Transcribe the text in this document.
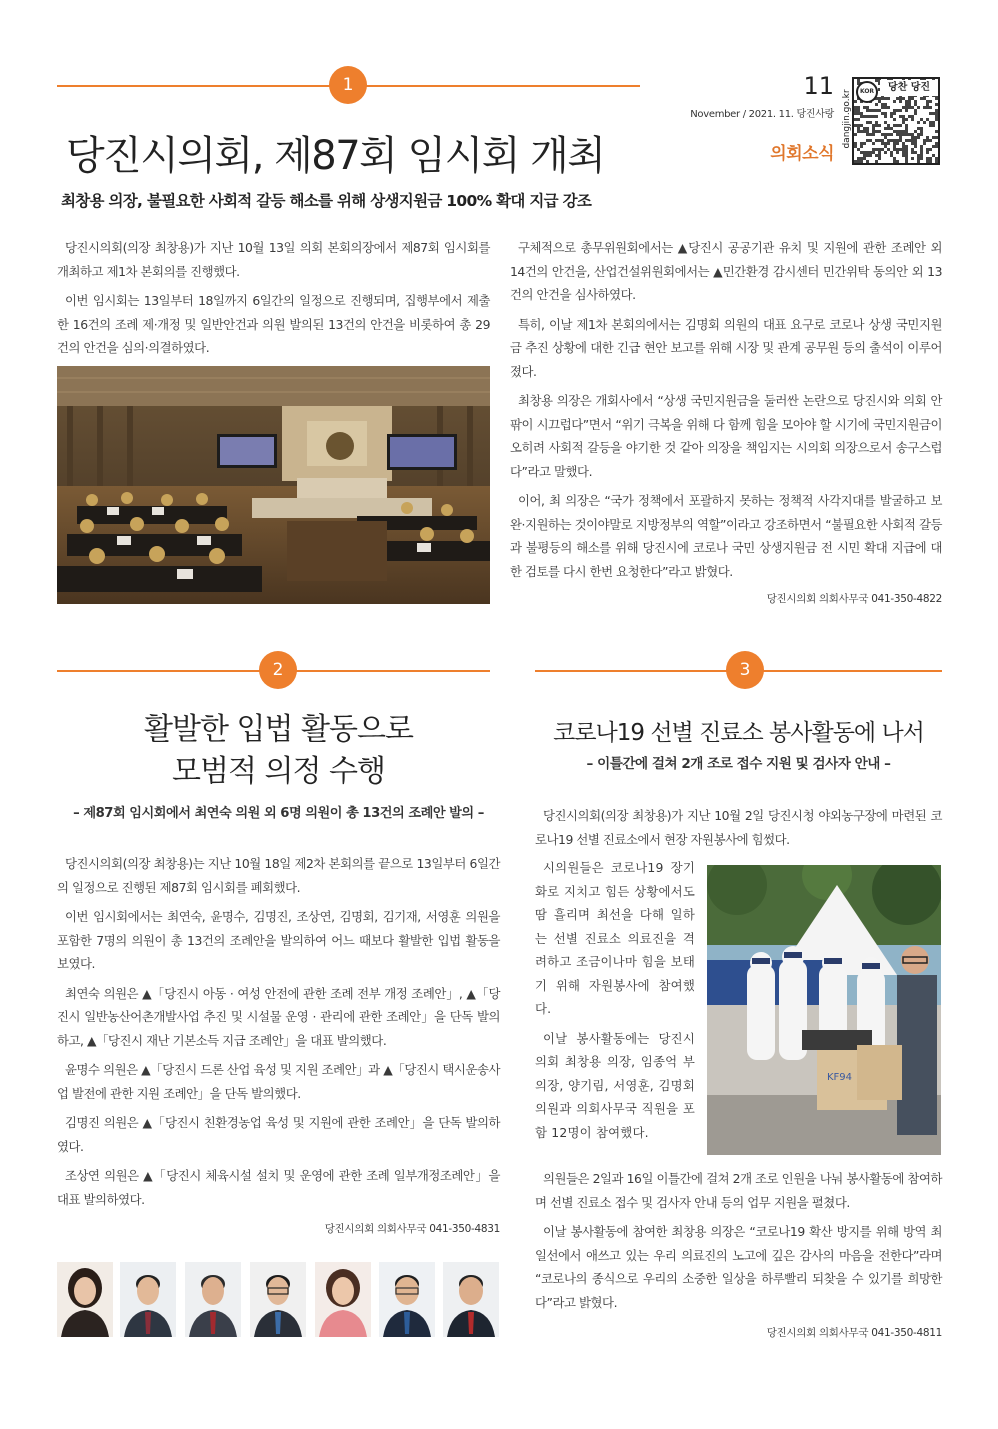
1	11
November / 2021. 11. 당진사랑
의회소식
KOR	당찬 당진
dangjin.go.kr
당진시의회, 제87회 임시회 개최
최창용 의장, 불필요한 사회적 갈등 해소를 위해 상생지원금 100% 확대 지급 강조

당진시의회(의장 최창용)가 지난 10월 13일 의회 본회의장에서 제87회 임시회를 개최하고 제1차 본회의를 진행했다.

이번 임시회는 13일부터 18일까지 6일간의 일정으로 진행되며, 집행부에서 제출한 16건의 조례 제·개정 및 일반안건과 의원 발의된 13건의 안건을 비롯하여 총 29건의 안건을 심의·의결하였다.

구체적으로 총무위원회에서는 ▲당진시 공공기관 유치 및 지원에 관한 조례안 외 14건의 안건을, 산업건설위원회에서는 ▲민간환경 감시센터 민간위탁 동의안 외 13건의 안건을 심사하였다.

특히, 이날 제1차 본회의에서는 김명회 의원의 대표 요구로 코로나 상생 국민지원금 추진 상황에 대한 긴급 현안 보고를 위해 시장 및 관계 공무원 등의 출석이 이루어졌다.

최창용 의장은 개회사에서 “상생 국민지원금을 둘러싼 논란으로 당진시와 의회 안팎이 시끄럽다”면서 “위기 극복을 위해 다 함께 힘을 모아야 할 시기에 국민지원금이 오히려 사회적 갈등을 야기한 것 같아 의장을 책임지는 시의회 의장으로서 송구스럽다”라고 말했다.

이어, 최 의장은 “국가 정책에서 포괄하지 못하는 정책적 사각지대를 발굴하고 보완·지원하는 것이야말로 지방정부의 역할”이라고 강조하면서 “불필요한 사회적 갈등과 불평등의 해소를 위해 당진시에 코로나 국민 상생지원금 전 시민 확대 지급에 대한 검토를 다시 한번 요청한다”라고 밝혔다.

당진시의회 의회사무국 041-350-4822
2
활발한 입법 활동으로
모범적 의정 수행
– 제87회 임시회에서 최연숙 의원 외 6명 의원이 총 13건의 조례안 발의 –

당진시의회(의장 최창용)는 지난 10월 18일 제2차 본회의를 끝으로 13일부터 6일간의 일정으로 진행된 제87회 임시회를 폐회했다.

이번 임시회에서는 최연숙, 윤명수, 김명진, 조상연, 김명회, 김기재, 서영훈 의원을 포함한 7명의 의원이 총 13건의 조례안을 발의하여 어느 때보다 활발한 입법 활동을 보였다.

최연숙 의원은 ▲「당진시 아동 · 여성 안전에 관한 조례 전부 개정 조례안」, ▲「당진시 일반농산어촌개발사업 추진 및 시설물 운영 · 관리에 관한 조례안」을 단독 발의하고, ▲「당진시 재난 기본소득 지급 조례안」을 대표 발의했다.

윤명수 의원은 ▲「당진시 드론 산업 육성 및 지원 조례안」과 ▲「당진시 택시운송사업 발전에 관한 지원 조례안」을 단독 발의했다.

김명진 의원은 ▲「당진시 친환경농업 육성 및 지원에 관한 조례안」을 단독 발의하였다.

조상연 의원은 ▲「당진시 체육시설 설치 및 운영에 관한 조례 일부개정조례안」을 대표 발의하였다.

당진시의회 의회사무국 041-350-4831
3
코로나19 선별 진료소 봉사활동에 나서
– 이틀간에 걸쳐 2개 조로 접수 지원 및 검사자 안내 –

당진시의회(의장 최창용)가 지난 10월 2일 당진시청 야외농구장에 마련된 코로나19 선별 진료소에서 현장 자원봉사에 힘썼다.

시의원들은 코로나19 장기화로 지치고 힘든 상황에서도 땀 흘리며 최선을 다해 일하는 선별 진료소 의료진을 격려하고 조금이나마 힘을 보태기 위해 자원봉사에 참여했다.

이날 봉사활동에는 당진시의회 최창용 의장, 임종억 부의장, 양기림, 서영훈, 김명회 의원과 의회사무국 직원을 포함 12명이 참여했다.

KF94

의원들은 2일과 16일 이틀간에 걸쳐 2개 조로 인원을 나눠 봉사활동에 참여하며 선별 진료소 접수 및 검사자 안내 등의 업무 지원을 펼쳤다.

이날 봉사활동에 참여한 최창용 의장은 “코로나19 확산 방지를 위해 방역 최일선에서 애쓰고 있는 우리 의료진의 노고에 깊은 감사의 마음을 전한다”라며 “코로나의 종식으로 우리의 소중한 일상을 하루빨리 되찾을 수 있기를 희망한다”라고 밝혔다.

당진시의회 의회사무국 041-350-4811
